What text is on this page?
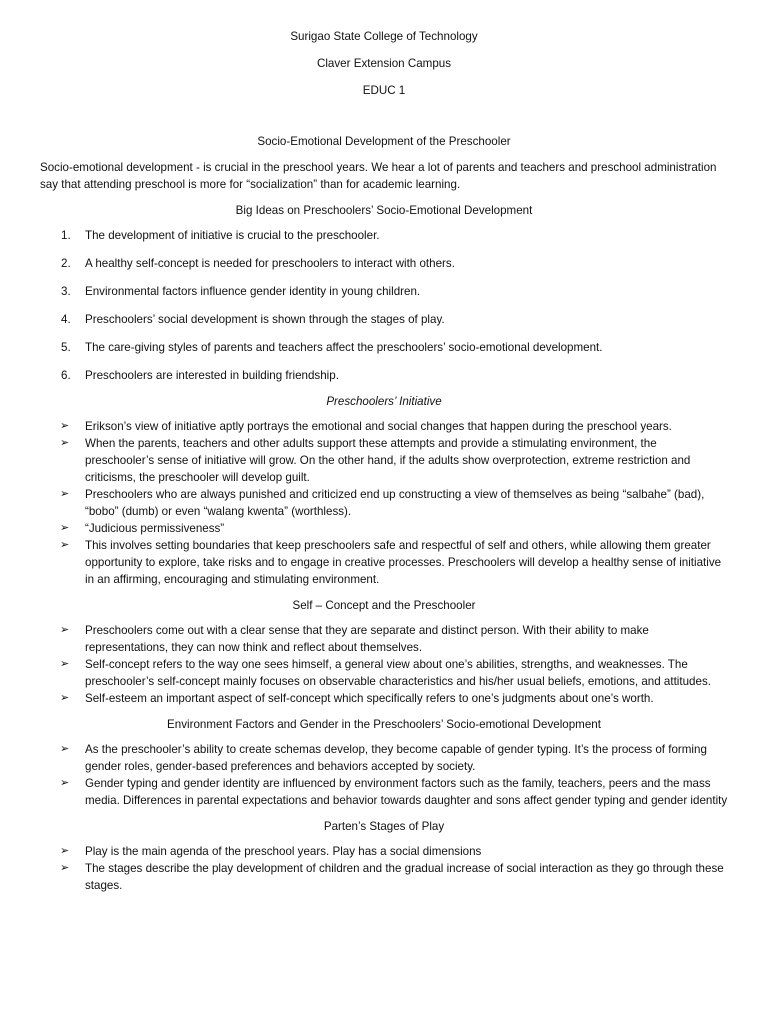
Surigao State College of Technology

Claver Extension Campus

EDUC 1

Socio-Emotional Development of the Preschooler

Socio-emotional development - is crucial in the preschool years. We hear a lot of parents and teachers and preschool administration say that attending preschool is more for “socialization” than for academic learning.

Big Ideas on Preschoolers’ Socio-Emotional Development

1.	The development of initiative is crucial to the preschooler.
2.	A healthy self-concept is needed for preschoolers to interact with others.
3.	Environmental factors influence gender identity in young children.
4.	Preschoolers’ social development is shown through the stages of play.
5.	The care-giving styles of parents and teachers affect the preschoolers’ socio-emotional development.
6.	Preschoolers are interested in building friendship.

Preschoolers’ Initiative

➢	Erikson’s view of initiative aptly portrays the emotional and social changes that happen during the preschool years.
➢	When the parents, teachers and other adults support these attempts and provide a stimulating environment, the preschooler’s sense of initiative will grow. On the other hand, if the adults show overprotection, extreme restriction and criticisms, the preschooler will develop guilt.
➢	Preschoolers who are always punished and criticized end up constructing a view of themselves as being “salbahe” (bad), “bobo” (dumb) or even “walang kwenta” (worthless).
➢	“Judicious permissiveness”
➢	This involves setting boundaries that keep preschoolers safe and respectful of self and others, while allowing them greater opportunity to explore, take risks and to engage in creative processes. Preschoolers will develop a healthy sense of initiative in an affirming, encouraging and stimulating environment.

Self – Concept and the Preschooler

➢	Preschoolers come out with a clear sense that they are separate and distinct person. With their ability to make representations, they can now think and reflect about themselves.
➢	Self-concept refers to the way one sees himself, a general view about one’s abilities, strengths, and weaknesses. The preschooler’s self-concept mainly focuses on observable characteristics and his/her usual beliefs, emotions, and attitudes.
➢	Self-esteem an important aspect of self-concept which specifically refers to one’s judgments about one’s worth.

Environment Factors and Gender in the Preschoolers’ Socio-emotional Development

➢	As the preschooler’s ability to create schemas develop, they become capable of gender typing. It’s the process of forming gender roles, gender-based preferences and behaviors accepted by society.
➢	Gender typing and gender identity are influenced by environment factors such as the family, teachers, peers and the mass media. Differences in parental expectations and behavior towards daughter and sons affect gender typing and gender identity

Parten’s Stages of Play

➢	Play is the main agenda of the preschool years. Play has a social dimensions
➢	The stages describe the play development of children and the gradual increase of social interaction as they go through these stages.
